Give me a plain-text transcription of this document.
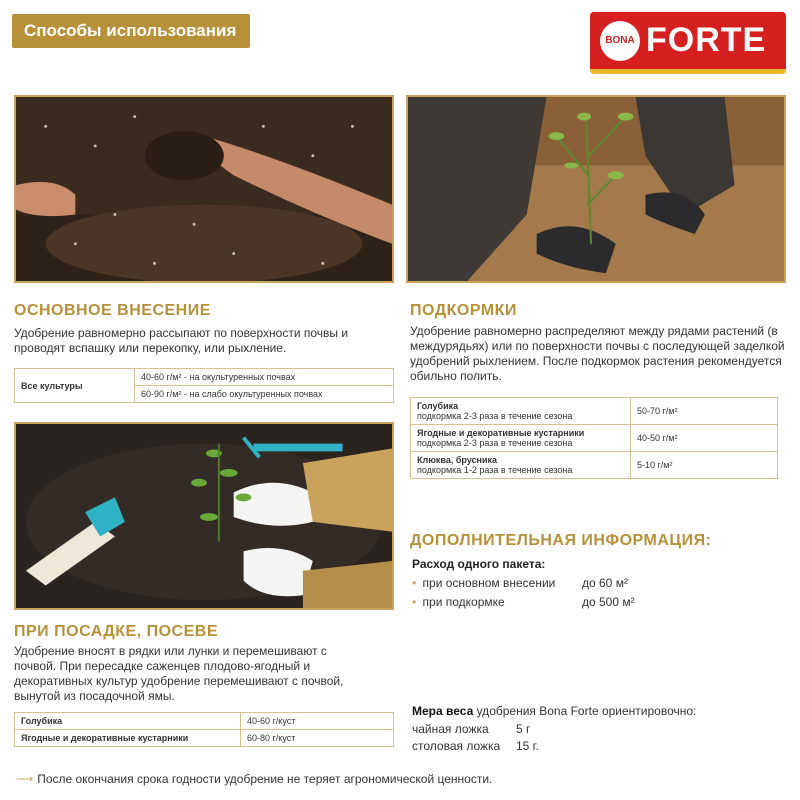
Способы использования	BONA FORTE
ОСНОВНОЕ ВНЕСЕНИЕ
Удобрение равномерно рассыпают по поверхности почвы и проводят вспашку или перекопку, или рыхление.
Все культуры	40-60 г/м² - на окультуренных почвах
60-90 г/м² - на слабо окультуренных почвах
ПОДКОРМКИ
Удобрение равномерно распределяют между рядами растений (в междурядьях) или по поверхности почвы с последующей заделкой удобрений рыхлением. После подкормок растения рекомендуется обильно полить.
Голубика
подкормка 2-3 раза в течение сезона	50-70 г/м²
Ягодные и декоративные кустарники
подкормка 2-3 раза в течение сезона	40-50 г/м²
Клюква, брусника
подкормка 1-2 раза в течение сезона	5-10 г/м²
ПРИ ПОСАДКЕ, ПОСЕВЕ
Удобрение вносят в рядки или лунки и перемешивают с почвой. При пересадке саженцев плодово-ягодный и декоративных культур удобрение перемешивают с почвой, вынутой из посадочной ямы.
Голубика	40-60 г/куст
Ягодные и декоративные кустарники	60-80 г/куст
ДОПОЛНИТЕЛЬНАЯ ИНФОРМАЦИЯ:
Расход одного пакета:
• при основном внесении до 60 м²
• при подкормке	до 500 м²
Мера веса удобрения Bona Forte ориентировочно:
чайная ложка 5 г
столовая ложка 15 г.
⟶ После окончания срока годности удобрение не теряет агрономической ценности.
